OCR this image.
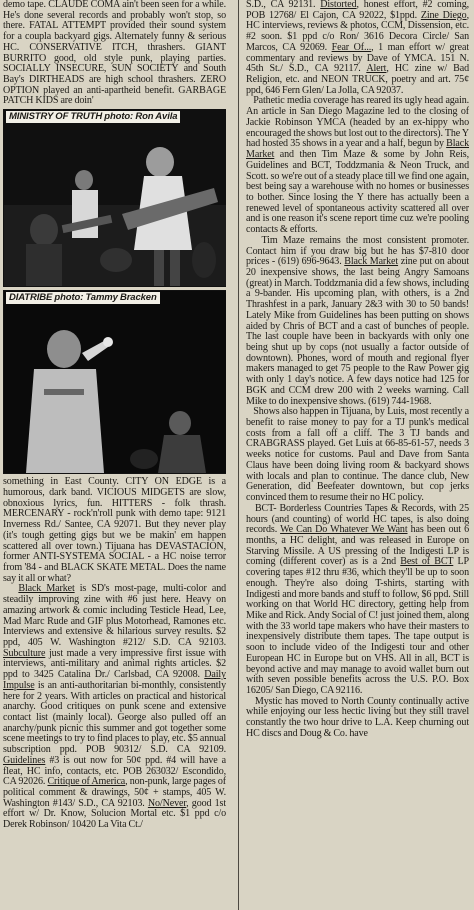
demo tape. CLAUDE COMA ain't been seen for a while. He's done several records and probably won't stop, so there. FATAL ATTEMPT provided their sound system for a coupla backyard gigs. Alternately funny & serious HC. CONSERVATIVE ITCH, thrashers. GIANT BURRITO good, old style punk, playing parties. SOCIALLY INSECURE, SUN SOCIETY and South Bay's DIRTHEADS are high school thrashers. ZERO OPTION played an anti-apartheid benefit. GARBAGE PATCH KIDS are doin'

MINISTRY OF TRUTH photo: Ron Avila
DIATRIBE photo: Tammy Bracken

something in East County. CITY ON EDGE is a humorous, dark band. VICIOUS MIDGETS are slow, obnoxious lyrics, fun. HITTERS - folk thrash. MERCENARY - rock'n'roll punk with demo tape: 9121 Inverness Rd./ Santee, CA 92071. But they never play (it's tough getting gigs but we be makin' em happen scattered all over town.) Tijuana has DEVASTACION, former ANTI-SYSTEMA SOCIAL - a HC noise terror from '84 - and BLACK SKATE METAL. Does the name say it all or what?

Black Market is SD's most-page, multi-color and steadily improving zine with #6 just here. Heavy on amazing artwork & comic including Testicle Head, Lee, Mad Marc Rude and GIF plus Motorhead, Ramones etc. Interviews and extensive & hilarious survey results. $2 ppd, 405 W. Washington #212/ S.D. CA 92103. Subculture just made a very impressive first issue with interviews, anti-military and animal rights articles. $2 ppd to 3425 Catalina Dr./ Carlsbad, CA 92008. Daily Impulse is an anti-authoritarian bi-monthly, consistently here for 2 years. With articles on practical and historical anarchy. Good critiques on punk scene and extensive contact list (mainly local). George also pulled off an anarchy/punk picnic this summer and got together some scene meetings to try to find places to play, etc. $5 annual subscription ppd. POB 90312/ S.D. CA 92109. Guidelines #3 is out now for 50¢ ppd. #4 will have a fleat, HC info, contacts, etc. POB 263032/ Escondido, CA 92026. Critique of America, non-punk, large pages of political comment & drawings, 50¢ + stamps, 405 W. Washington #143/ S.D., CA 92103. No/Never, good 1st effort w/ Dr. Know, Solucion Mortal etc. $1 ppd c/o Derek Robinson/ 10420 La Vita Ct./

S.D., CA 92131. Distorted, honest effort, #2 coming, POB 12768/ El Cajon, CA 92022, $1ppd. Zine Diego, HC interviews, reviews & photos, CCM, Dissension, etc. #2 soon. $1 ppd c/o Ron/ 3616 Decora Circle/ San Marcos, CA 92069. Fear Of..., 1 man effort w/ great commentary and reviews by Dave of YMCA. 151 N. 45th St./ S.D., CA 92117. Alert, HC zine w/ Bad Religion, etc. and NEON TRUCK, poetry and art. 75¢ ppd, 646 Fern Glen/ La Jolla, CA 92037.

Pathetic media coverage has reared its ugly head again. An article in San Diego Magazine led to the closing of Jackie Robinson YMCA (headed by an ex-hippy who encouraged the shows but lost out to the directors). The Y had hosted 35 shows in a year and a half, begun by Black Market and then Tim Maze & some by John Reis, Guidelines and BCT, Toddzmania & Neon Truck, and Scott. so we're out of a steady place till we find one again, best being say a warehouse with no homes or businesses to bother. Since losing the Y there has actually been a renewed level of spontaneous activity scattered all over and is one reason it's scene report time cuz we're pooling contacts & efforts.

Tim Maze remains the most consistent promoter. Contact him if you draw big but he has $7-810 door prices - (619) 696-9643. Black Market zine put on about 20 inexpensive shows, the last being Angry Samoans (great) in March. Toddzmania did a few shows, including a 9-bander. His upcoming plan, with others, is a 2nd Thrashfest in a park, January 2&3 with 30 to 50 bands! Lately Mike from Guidelines has been putting on shows aided by Chris of BCT and a cast of bunches of people. The last couple have been in backyards with only one being shut up by cops (not usually a factor outside of downtown). Phones, word of mouth and regional flyer makers managed to get 75 people to the Raw Power gig with only 1 day's notice. A few days notice had 125 for BGK and CCM drew 200 with 2 weeks warning. Call Mike to do inexpensive shows. (619) 744-1968.

Shows also happen in Tijuana, by Luis, most recently a benefit to raise money to pay for a TJ punk's medical costs from a fall off a cliff. The 3 TJ bands and CRABGRASS played. Get Luis at 66-85-61-57, needs 3 weeks notice for customs. Paul and Dave from Santa Claus have been doing living room & backyard shows with locals and plan to continue. The dance club, New Generation, did Beefeater downtown, but cop jerks convinced them to resume their no HC policy.

BCT- Borderless Countries Tapes & Records, with 25 hours (and counting) of world HC tapes, is also doing records. We Can Do Whatever We Want has been out 6 months, a HC delight, and was released in Europe on Starving Missile. A US pressing of the Indigesti LP is coming (different cover) as is a 2nd Best of BCT LP covering tapes #12 thru #36, which they'll be up to soon enough. They're also doing T-shirts, starting with Indigesti and more bands and stuff to follow, $6 ppd. Still working on that World HC directory, getting help from Mike and Rick. Andy Social of C! just joined them, along with the 33 world tape makers who have their masters to inexpensively distribute them tapes. The tape output is soon to include video of the Indigesti tour and other European HC in Europe but on VHS. All in all, BCT is beyond active and may manage to avoid wallet burn out with seven possible benefits across the U.S. P.O. Box 16205/ San Diego, CA 92116.

Mystic has moved to North County continually active while enjoying our less hectic living but they still travel constantly the two hour drive to L.A. Keep churning out HC discs and Doug & Co. have
